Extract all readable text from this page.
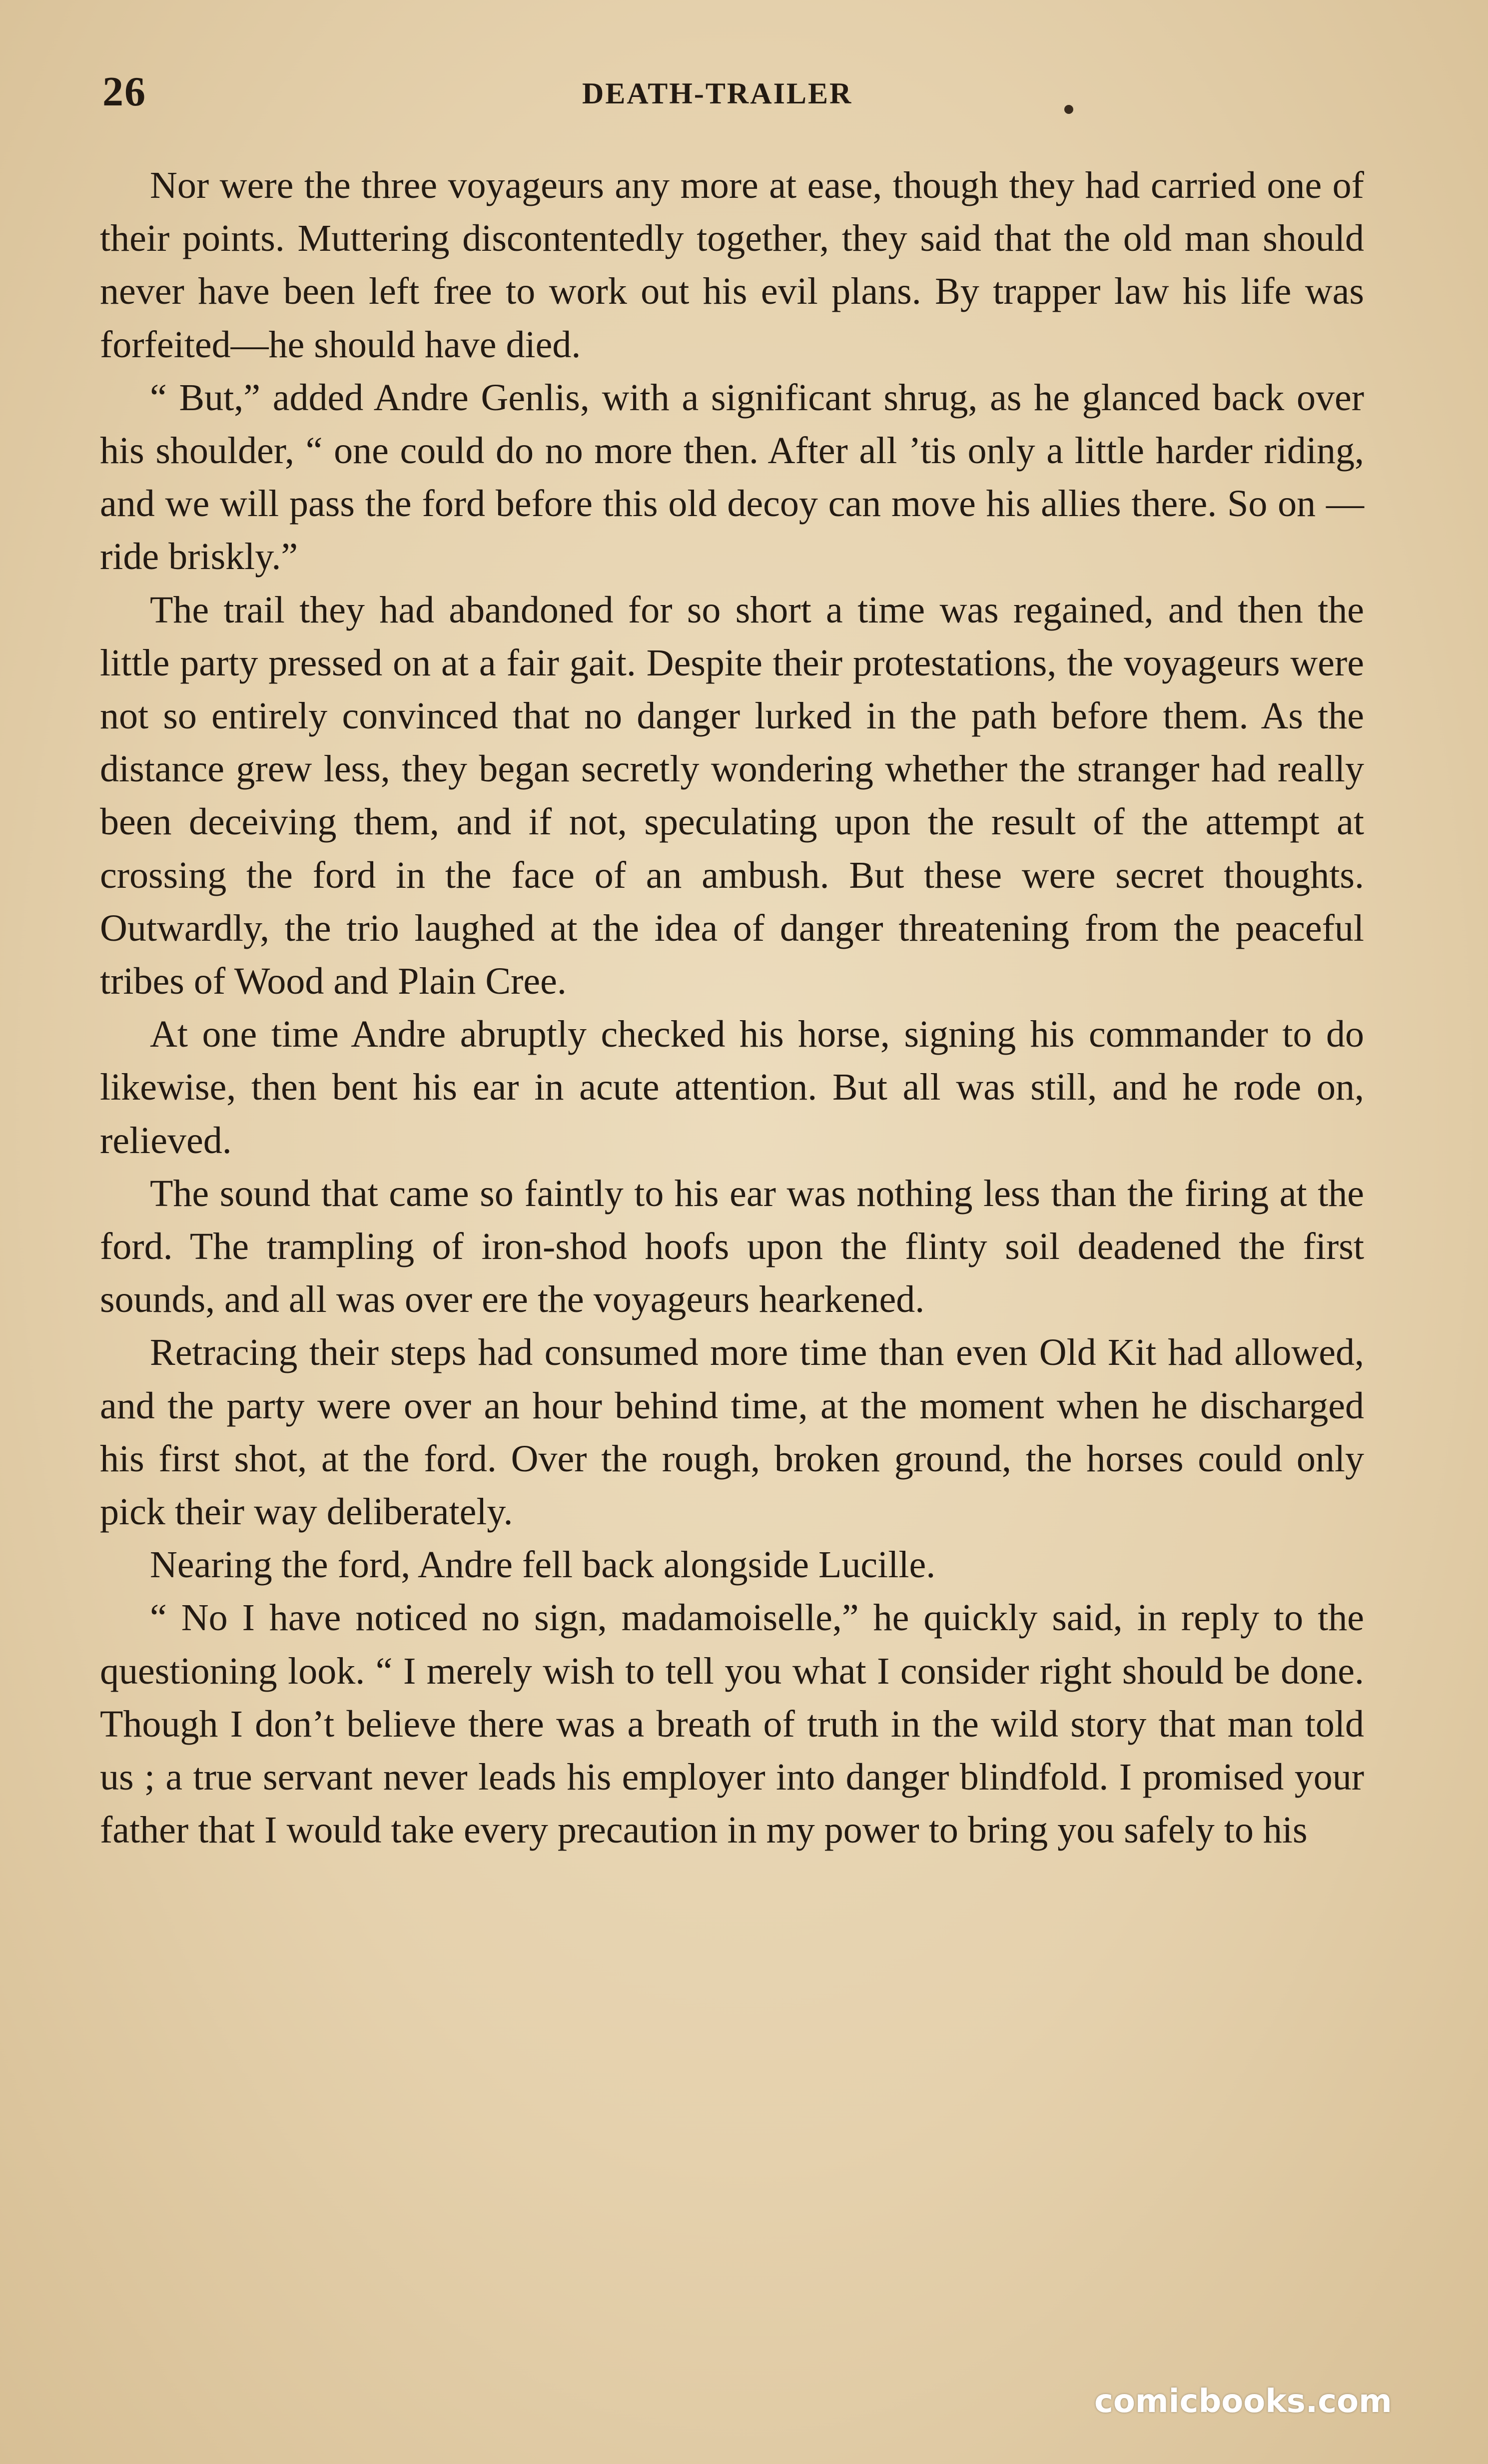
26	DEATH-TRAILER

Nor were the three voyageurs any more at ease, though they had carried one of their points. Muttering discontentedly together, they said that the old man should never have been left free to work out his evil plans. By trapper law his life was forfeited—he should have died.

“ But,” added Andre Genlis, with a significant shrug, as he glanced back over his shoulder, “ one could do no more then. After all ’tis only a little harder riding, and we will pass the ford before this old decoy can move his allies there. So on —ride briskly.”

The trail they had abandoned for so short a time was regained, and then the little party pressed on at a fair gait. Despite their protestations, the voyageurs were not so entirely convinced that no danger lurked in the path before them. As the distance grew less, they began secretly wondering whether the stranger had really been deceiving them, and if not, speculating upon the result of the attempt at crossing the ford in the face of an ambush. But these were secret thoughts. Outwardly, the trio laughed at the idea of danger threatening from the peaceful tribes of Wood and Plain Cree.

At one time Andre abruptly checked his horse, signing his commander to do likewise, then bent his ear in acute attention. But all was still, and he rode on, relieved.

The sound that came so faintly to his ear was nothing less than the firing at the ford. The trampling of iron-shod hoofs upon the flinty soil deadened the first sounds, and all was over ere the voyageurs hearkened.

Retracing their steps had consumed more time than even Old Kit had allowed, and the party were over an hour behind time, at the moment when he discharged his first shot, at the ford. Over the rough, broken ground, the horses could only pick their way deliberately.

Nearing the ford, Andre fell back alongside Lucille.

“ No I have noticed no sign, madamoiselle,” he quickly said, in reply to the questioning look. “ I merely wish to tell you what I consider right should be done. Though I don’t believe there was a breath of truth in the wild story that man told us ; a true servant never leads his employer into danger blindfold. I promised your father that I would take every precaution in my power to bring you safely to his

comicbooks.com
